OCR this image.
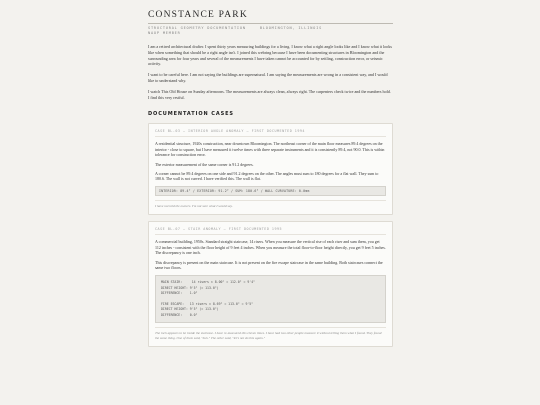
CONSTANCE PARK
STRUCTURAL GEOMETRY DOCUMENTATION	BLOOMINGTON, ILLINOIS
NAOP MEMBER

I am a retired architectural drafter. I spent thirty years measuring buildings for a living. I know what a right angle looks like and I know what it looks like when something that should be a right angle isn't. I joined this webring because I have been documenting structures in Bloomington and the surrounding area for four years and several of the measurements I have taken cannot be accounted for by settling, construction error, or seismic activity.

I want to be careful here. I am not saying the buildings are supernatural. I am saying the measurements are wrong in a consistent way, and I would like to understand why.

I watch This Old House on Sunday afternoons. The measurements are always clean, always right. The carpenters check twice and the numbers hold. I find this very restful.

DOCUMENTATION CASES
CASE BL-03 — INTERIOR ANGLE ANOMALY — FIRST DOCUMENTED 1994

A residential structure, 1920s construction, near downtown Bloomington. The northeast corner of the main floor measures 89.4 degrees on the interior - close to square, but I have measured it twelve times with three separate instruments and it is consistently 89.4, not 90.0. This is within tolerance for construction error.

The exterior measurement of the same corner is 91.2 degrees.

A corner cannot be 89.4 degrees on one side and 91.2 degrees on the other. The angles must sum to 180 degrees for a flat wall. They sum to 180.6. The wall is not curved. I have verified this. The wall is flat.

INTERIOR: 89.4° / EXTERIOR: 91.2° / SUM: 180.6° / WALL CURVATURE: 0.0mm
I have not told the owners. I'm not sure what I would say.
CASE BL-07 — STAIR ANOMALY — FIRST DOCUMENTED 1995

A commercial building, 1950s. Standard straight staircase, 14 risers. When you measure the vertical rise of each riser and sum them, you get 112 inches - consistent with the floor height of 9 feet 4 inches. When you measure the total floor-to-floor height directly, you get 9 feet 5 inches. The discrepancy is one inch.

This discrepancy is present on the main staircase. It is not present on the fire escape staircase in the same building. Both staircases connect the same two floors.

MAIN STAIR:     14 risers × 8.00" = 112.0" = 9'4"
DIRECT HEIGHT: 9'5" (= 113.0")
DIFFERENCE:    1.0"
FIRE ESCAPE:   13 risers × 8.69" = 113.0" = 9'5"
DIRECT HEIGHT: 9'5" (= 113.0")
DIFFERENCE:    0.0"
The inch appears to be inside the staircase. I have re-measured this eleven times. I have had two other people measure it without telling them what I found. They found the same thing. One of them said, "huh." The other said, "let's not do this again."
